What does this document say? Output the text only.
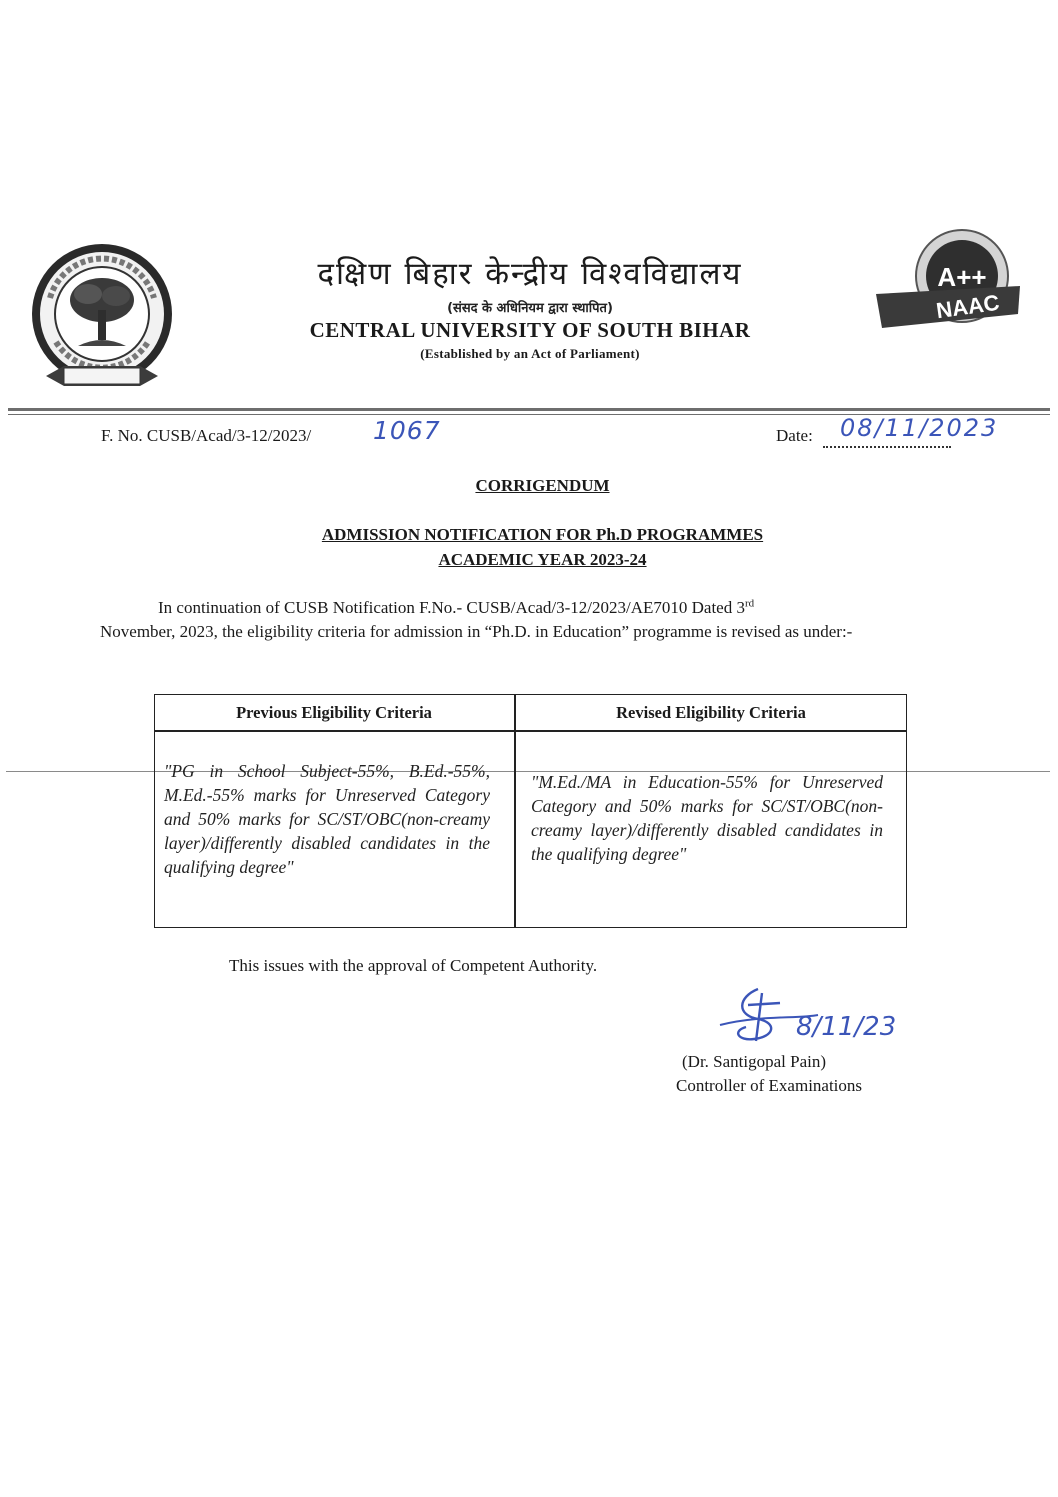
A++
NAAC
दक्षिण बिहार केन्द्रीय विश्वविद्यालय
(संसद के अधिनियम द्वारा स्थापित)
CENTRAL UNIVERSITY OF SOUTH BIHAR
(Established by an Act of Parliament)
F. No. CUSB/Acad/3-12/2023/ 1067	Date: 08/11/2023
CORRIGENDUM
ADMISSION NOTIFICATION FOR Ph.D PROGRAMMES
ACADEMIC YEAR 2023-24
In continuation of CUSB Notification F.No.- CUSB/Acad/3-12/2023/AE7010 Dated 3rd
November, 2023, the eligibility criteria for admission in “Ph.D. in Education” programme is revised as under:-
Previous Eligibility Criteria	Revised Eligibility Criteria
"PG in School Subject-55%, B.Ed.-55%, M.Ed.-55% marks for Unreserved Category and 50% marks for SC/ST/OBC(non-creamy layer)/differently disabled candidates in the qualifying degree"
"M.Ed./MA in Education-55% for Unreserved Category and 50% marks for SC/ST/OBC(non-creamy layer)/differently disabled candidates in the qualifying degree"
This issues with the approval of Competent Authority.
8/11/23
(Dr. Santigopal Pain)
Controller of Examinations
